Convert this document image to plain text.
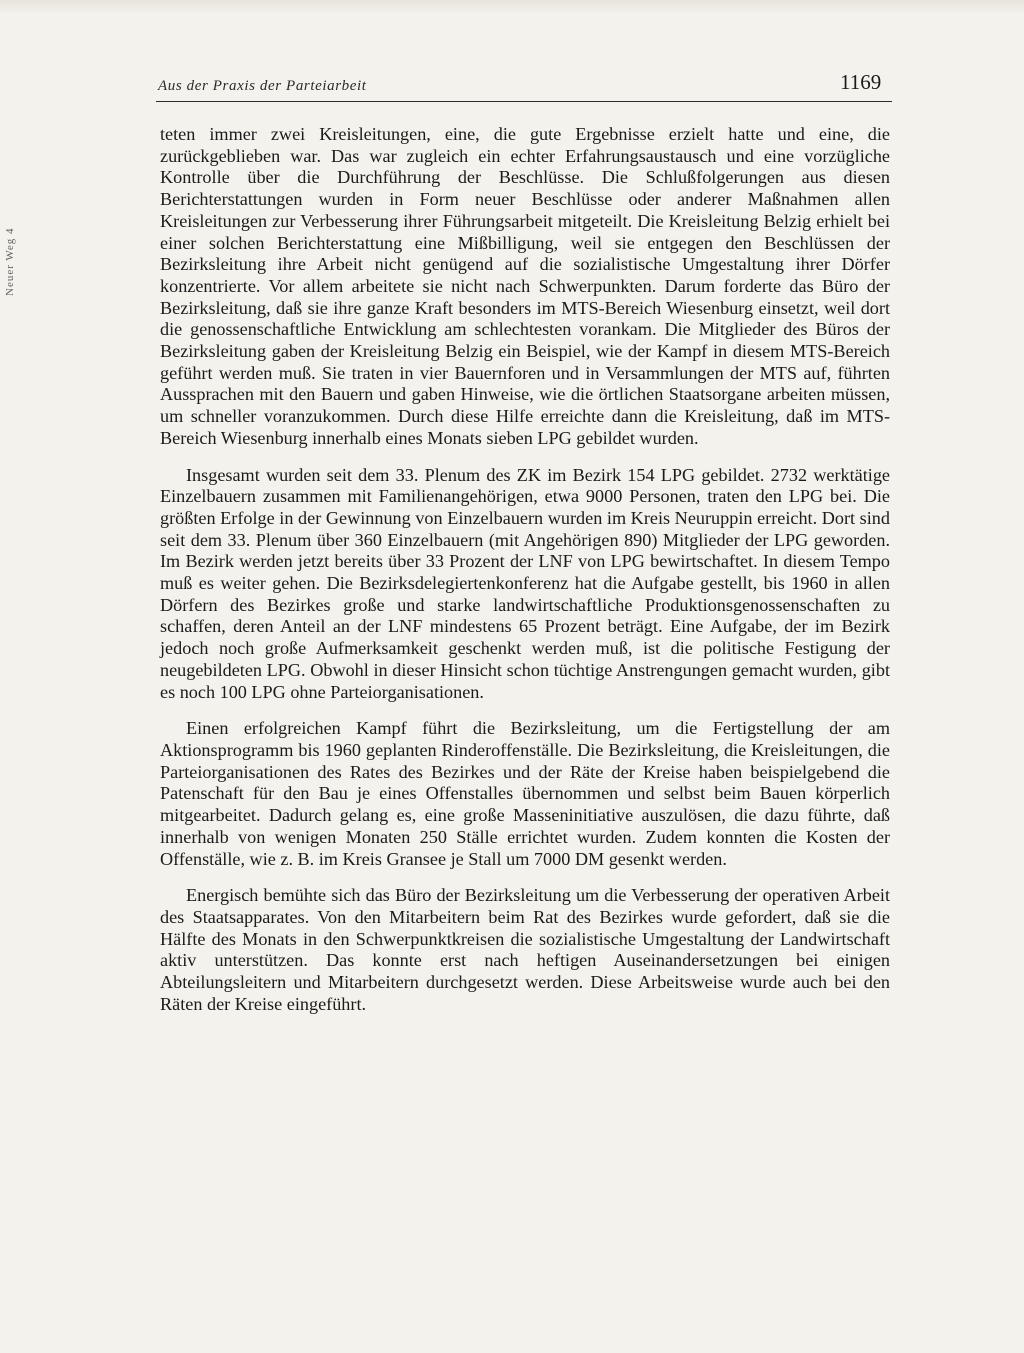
Neuer Weg 4
Aus der Praxis der Parteiarbeit	1169

teten immer zwei Kreisleitungen, eine, die gute Ergebnisse erzielt hatte und eine, die zurückgeblieben war. Das war zugleich ein echter Erfahrungsaustausch und eine vorzügliche Kontrolle über die Durchführung der Beschlüsse. Die Schlußfolgerungen aus diesen Berichterstattungen wurden in Form neuer Beschlüsse oder anderer Maßnahmen allen Kreisleitungen zur Verbesserung ihrer Führungsarbeit mitgeteilt. Die Kreisleitung Belzig erhielt bei einer solchen Berichterstattung eine Mißbilligung, weil sie entgegen den Beschlüssen der Bezirksleitung ihre Arbeit nicht genügend auf die sozialistische Umgestaltung ihrer Dörfer konzentrierte. Vor allem arbeitete sie nicht nach Schwerpunkten. Darum forderte das Büro der Bezirksleitung, daß sie ihre ganze Kraft besonders im MTS-Bereich Wiesenburg einsetzt, weil dort die genossenschaftliche Entwicklung am schlechtesten vorankam. Die Mitglieder des Büros der Bezirksleitung gaben der Kreisleitung Belzig ein Beispiel, wie der Kampf in diesem MTS-Bereich geführt werden muß. Sie traten in vier Bauernforen und in Versammlungen der MTS auf, führten Aussprachen mit den Bauern und gaben Hinweise, wie die örtlichen Staatsorgane arbeiten müssen, um schneller voranzukommen. Durch diese Hilfe erreichte dann die Kreisleitung, daß im MTS-Bereich Wiesenburg innerhalb eines Monats sieben LPG gebildet wurden.

Insgesamt wurden seit dem 33. Plenum des ZK im Bezirk 154 LPG gebildet. 2732 werktätige Einzelbauern zusammen mit Familienangehörigen, etwa 9000 Personen, traten den LPG bei. Die größten Erfolge in der Gewinnung von Einzelbauern wurden im Kreis Neuruppin erreicht. Dort sind seit dem 33. Plenum über 360 Einzelbauern (mit Angehörigen 890) Mitglieder der LPG geworden. Im Bezirk werden jetzt bereits über 33 Prozent der LNF von LPG bewirtschaftet. In diesem Tempo muß es weiter gehen. Die Bezirksdelegiertenkonferenz hat die Aufgabe gestellt, bis 1960 in allen Dörfern des Bezirkes große und starke landwirtschaftliche Produktionsgenossenschaften zu schaffen, deren Anteil an der LNF mindestens 65 Prozent beträgt. Eine Aufgabe, der im Bezirk jedoch noch große Aufmerksamkeit geschenkt werden muß, ist die politische Festigung der neugebildeten LPG. Obwohl in dieser Hinsicht schon tüchtige Anstrengungen gemacht wurden, gibt es noch 100 LPG ohne Parteiorganisationen.

Einen erfolgreichen Kampf führt die Bezirksleitung, um die Fertigstellung der am Aktionsprogramm bis 1960 geplanten Rinderoffenställe. Die Bezirksleitung, die Kreisleitungen, die Parteiorganisationen des Rates des Bezirkes und der Räte der Kreise haben beispielgebend die Patenschaft für den Bau je eines Offenstalles übernommen und selbst beim Bauen körperlich mitgearbeitet. Dadurch gelang es, eine große Masseninitiative auszulösen, die dazu führte, daß innerhalb von wenigen Monaten 250 Ställe errichtet wurden. Zudem konnten die Kosten der Offenställe, wie z. B. im Kreis Gransee je Stall um 7000 DM gesenkt werden.

Energisch bemühte sich das Büro der Bezirksleitung um die Verbesserung der operativen Arbeit des Staatsapparates. Von den Mitarbeitern beim Rat des Bezirkes wurde gefordert, daß sie die Hälfte des Monats in den Schwerpunktkreisen die sozialistische Umgestaltung der Landwirtschaft aktiv unterstützen. Das konnte erst nach heftigen Auseinandersetzungen bei einigen Abteilungsleitern und Mitarbeitern durchgesetzt werden. Diese Arbeitsweise wurde auch bei den Räten der Kreise eingeführt.
